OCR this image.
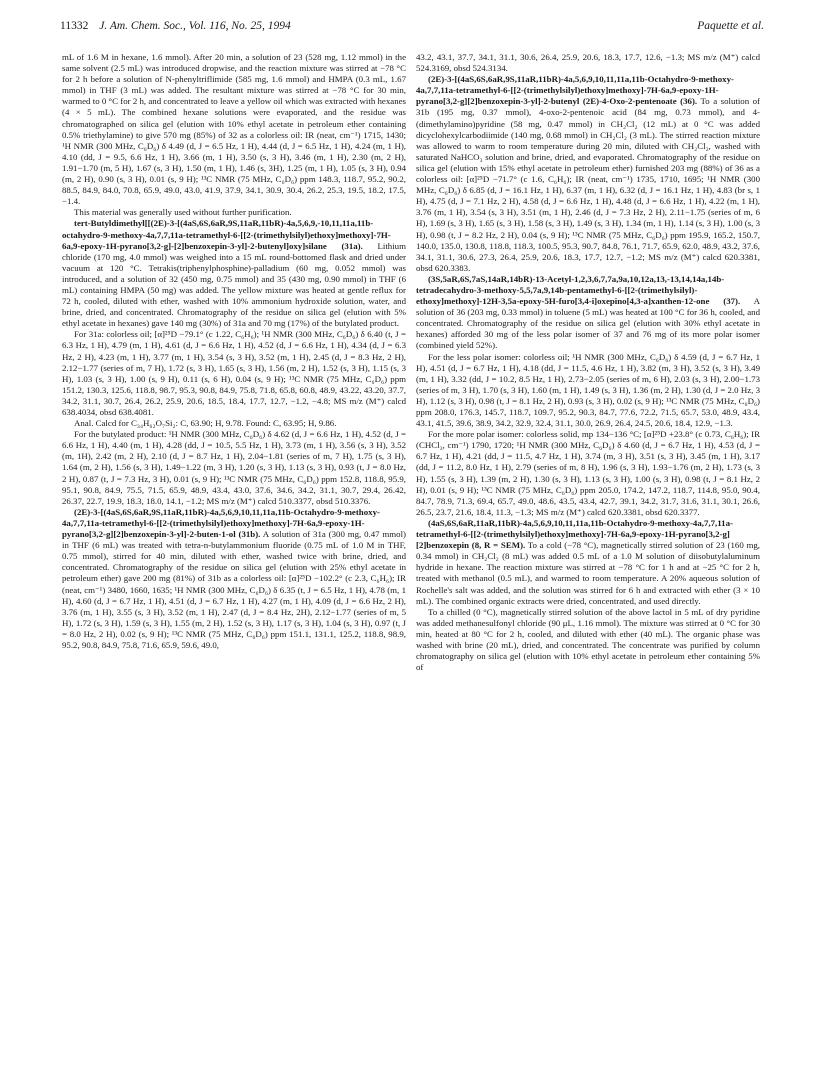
11332 J. Am. Chem. Soc., Vol. 116, No. 25, 1994	Paquette et al.

mL of 1.6 M in hexane, 1.6 mmol). After 20 min, a solution of 23 (528 mg, 1.12 mmol) in the same solvent (2.5 mL) was introduced dropwise, and the reaction mixture was stirred at −78 °C for 2 h before a solution of N-phenyltriflimide (585 mg, 1.6 mmol) and HMPA (0.3 mL, 1.67 mmol) in THF (3 mL) was added. The resultant mixture was stirred at −78 °C for 30 min, warmed to 0 °C for 2 h, and concentrated to leave a yellow oil which was extracted with hexanes (4 × 5 mL). The combined hexane solutions were evaporated, and the residue was chromatographed on silica gel (elution with 10% ethyl acetate in petroleum ether containing 0.5% triethylamine) to give 570 mg (85%) of 32 as a colorless oil: IR (neat, cm⁻¹) 1715, 1430; ¹H NMR (300 MHz, C₆D₆) δ 4.49 (d, J = 6.5 Hz, 1 H), 4.44 (d, J = 6.5 Hz, 1 H), 4.24 (m, 1 H), 4.10 (dd, J = 9.5, 6.6 Hz, 1 H), 3.66 (m, 1 H), 3.50 (s, 3 H), 3.46 (m, 1 H), 2.30 (m, 2 H), 1.91−1.70 (m, 5 H), 1.67 (s, 3 H), 1.50 (m, 1 H), 1.46 (s, 3H), 1.25 (m, 1 H), 1.05 (s, 3 H), 0.94 (m, 2 H), 0.90 (s, 3 H), 0.01 (s, 9 H); ¹³C NMR (75 MHz, C₆D₆) ppm 148.3, 118.7, 95.2, 90.2, 88.5, 84.9, 84.0, 70.8, 65.9, 49.0, 43.0, 41.9, 37.9, 34.1, 30.9, 30.4, 26.2, 25.3, 19.5, 18.2, 17.5, −1.4.

This material was generally used without further purification.

tert-Butyldimethyl[[(2E)-3-[(4aS,6S,6aR,9S,11aR,11bR)-4a,5,6,9,-10,11,11a,11b-octahydro-9-methoxy-4a,7,7,11a-tetramethyl-6-[[2-(trimethylsilyl)ethoxy]methoxy]-7H-6a,9-epoxy-1H-pyrano[3,2-g]-[2]benzoxepin-3-yl]-2-butenyl]oxy]silane (31a). Lithium chloride (170 mg, 4.0 mmol) was weighed into a 15 mL round-bottomed flask and dried under vacuum at 120 °C. Tetrakis(triphenylphosphine)-palladium (60 mg, 0.052 mmol) was introduced, and a solution of 32 (450 mg, 0.75 mmol) and 35 (430 mg, 0.90 mmol) in THF (6 mL) containing HMPA (50 mg) was added. The yellow mixture was heated at gentle reflux for 72 h, cooled, diluted with ether, washed with 10% ammonium hydroxide solution, water, and brine, dried, and concentrated. Chromatography of the residue on silica gel (elution with 5% ethyl acetate in hexanes) gave 140 mg (30%) of 31a and 70 mg (17%) of the butylated product.

For 31a: colorless oil; [α]²⁵D −79.1° (c 1.22, C₆H₆); ¹H NMR (300 MHz, C₆D₆) δ 6.40 (t, J = 6.3 Hz, 1 H), 4.79 (m, 1 H), 4.61 (d, J = 6.6 Hz, 1 H), 4.52 (d, J = 6.6 Hz, 1 H), 4.34 (d, J = 6.3 Hz, 2 H), 4.23 (m, 1 H), 3.77 (m, 1 H), 3.54 (s, 3 H), 3.52 (m, 1 H), 2.45 (d, J = 8.3 Hz, 2 H), 2.12−1.77 (series of m, 7 H), 1.72 (s, 3 H), 1.65 (s, 3 H), 1.56 (m, 2 H), 1.52 (s, 3 H), 1.15 (s, 3 H), 1.03 (s, 3 H), 1.00 (s, 9 H), 0.11 (s, 6 H), 0.04 (s, 9 H); ¹³C NMR (75 MHz, C₆D₆) ppm 151.2, 130.3, 125.6, 118.8, 98.7, 95.3, 90.8, 84.9, 75.8, 71.8, 65.8, 60.8, 48.9, 43.22, 43.20, 37.7, 34.2, 31.1, 30.7, 26.4, 26.2, 25.9, 20.6, 18.5, 18.4, 17.7, 12.7, −1.2, −4.8; MS m/z (M⁺) calcd 638.4034, obsd 638.4081.

Anal. Calcd for C₃₄H₆₂O₇Si₂: C, 63.90; H, 9.78. Found: C, 63.95; H, 9.86.

For the butylated product: ¹H NMR (300 MHz, C₆D₆) δ 4.62 (d, J = 6.6 Hz, 1 H), 4.52 (d, J = 6.6 Hz, 1 H), 4.40 (m, 1 H), 4.28 (dd, J = 10.5, 5.5 Hz, 1 H), 3.73 (m, 1 H), 3.56 (s, 3 H), 3.52 (m, 1H), 2.42 (m, 2 H), 2.10 (d, J = 8.7 Hz, 1 H), 2.04−1.81 (series of m, 7 H), 1.75 (s, 3 H), 1.64 (m, 2 H), 1.56 (s, 3 H), 1.49−1.22 (m, 3 H), 1.20 (s, 3 H), 1.13 (s, 3 H), 0.93 (t, J = 8.0 Hz, 2 H), 0.87 (t, J = 7.3 Hz, 3 H), 0.01 (s, 9 H); ¹³C NMR (75 MHz, C₆D₆) ppm 152.8, 118.8, 95.9, 95.1, 90.8, 84.9, 75.5, 71.5, 65.9, 48.9, 43.4, 43.0, 37.6, 34.6, 34.2, 31.1, 30.7, 29.4, 26.42, 26.37, 22.7, 19.9, 18.3, 18.0, 14.1, −1.2; MS m/z (M⁺) calcd 510.3377, obsd 510.3376.

(2E)-3-[(4aS,6S,6aR,9S,11aR,11bR)-4a,5,6,9,10,11,11a,11b-Octahydro-9-methoxy-4a,7,7,11a-tetramethyl-6-[[2-(trimethylsilyl)ethoxy]methoxy]-7H-6a,9-epoxy-1H-pyrano[3,2-g][2]benzoxepin-3-yl]-2-buten-1-ol (31b). A solution of 31a (300 mg, 0.47 mmol) in THF (6 mL) was treated with tetra-n-butylammonium fluoride (0.75 mL of 1.0 M in THF, 0.75 mmol), stirred for 40 min, diluted with ether, washed twice with brine, dried, and concentrated. Chromatography of the residue on silica gel (elution with 25% ethyl acetate in petroleum ether) gave 200 mg (81%) of 31b as a colorless oil: [α]²⁵D −102.2° (c 2.3, C₆H₆); IR (neat, cm⁻¹) 3480, 1660, 1635; ¹H NMR (300 MHz, C₆D₆) δ 6.35 (t, J = 6.5 Hz, 1 H), 4.78 (m, 1 H), 4.60 (d, J = 6.7 Hz, 1 H), 4.51 (d, J = 6.7 Hz, 1 H), 4.27 (m, 1 H), 4.09 (d, J = 6.6 Hz, 2 H), 3.76 (m, 1 H), 3.55 (s, 3 H), 3.52 (m, 1 H), 2.47 (d, J = 8.4 Hz, 2H), 2.12−1.77 (series of m, 5 H), 1.72 (s, 3 H), 1.59 (s, 3 H), 1.55 (m, 2 H), 1.52 (s, 3 H), 1.17 (s, 3 H), 1.04 (s, 3 H), 0.97 (t, J = 8.0 Hz, 2 H), 0.02 (s, 9 H); ¹³C NMR (75 MHz, C₆D₆) ppm 151.1, 131.1, 125.2, 118.8, 98.9, 95.2, 90.8, 84.9, 75.8, 71.6, 65.9, 59.6, 49.0,

43.2, 43.1, 37.7, 34.1, 31.1, 30.6, 26.4, 25.9, 20.6, 18.3, 17.7, 12.6, −1.3; MS m/z (M⁺) calcd 524.3169, obsd 524.3134.

(2E)-3-[(4aS,6S,6aR,9S,11aR,11bR)-4a,5,6,9,10,11,11a,11b-Octahydro-9-methoxy-4a,7,7,11a-tetramethyl-6-[[2-(trimethylsilyl)ethoxy]methoxy]-7H-6a,9-epoxy-1H-pyrano[3,2-g][2]benzoxepin-3-yl]-2-butenyl (2E)-4-Oxo-2-pentenoate (36). To a solution of 31b (195 mg, 0.37 mmol), 4-oxo-2-pentenoic acid (84 mg, 0.73 mmol), and 4-(dimethylamino)pyridine (58 mg, 0.47 mmol) in CH₂Cl₂ (12 mL) at 0 °C was added dicyclohexylcarbodiimide (140 mg, 0.68 mmol) in CH₂Cl₂ (3 mL). The stirred reaction mixture was allowed to warm to room temperature during 20 min, diluted with CH₂Cl₂, washed with saturated NaHCO₃ solution and brine, dried, and evaporated. Chromatography of the residue on silica gel (elution with 15% ethyl acetate in petroleum ether) furnished 203 mg (88%) of 36 as a colorless oil: [α]²⁵D −71.7° (c 1.6, C₆H₆); IR (neat, cm⁻¹) 1735, 1710, 1695; ¹H NMR (300 MHz, C₆D₆) δ 6.85 (d, J = 16.1 Hz, 1 H), 6.37 (m, 1 H), 6.32 (d, J = 16.1 Hz, 1 H), 4.83 (br s, 1 H), 4.75 (d, J = 7.1 Hz, 2 H), 4.58 (d, J = 6.6 Hz, 1 H), 4.48 (d, J = 6.6 Hz, 1 H), 4.22 (m, 1 H), 3.76 (m, 1 H), 3.54 (s, 3 H), 3.51 (m, 1 H), 2.46 (d, J = 7.3 Hz, 2 H), 2.11−1.75 (series of m, 6 H), 1.69 (s, 3 H), 1.65 (s, 3 H), 1.58 (s, 3 H), 1.49 (s, 3 H), 1.34 (m, 1 H), 1.14 (s, 3 H), 1.00 (s, 3 H), 0.98 (t, J = 8.2 Hz, 2 H), 0.04 (s, 9 H); ¹³C NMR (75 MHz, C₆D₆) ppm 195.9, 165.2, 150.7, 140.0, 135.0, 130.8, 118.8, 118.3, 100.5, 95.3, 90.7, 84.8, 76.1, 71.7, 65.9, 62.0, 48.9, 43.2, 37.6, 34.1, 31.1, 30.6, 27.3, 26.4, 25.9, 20.6, 18.3, 17.7, 12.7, −1.2; MS m/z (M⁺) calcd 620.3381, obsd 620.3383.

(3S,5aR,6S,7aS,14aR,14bR)-13-Acetyl-1,2,3,6,7,7a,9a,10,12a,13,-13,14,14a,14b-tetradecahydro-3-methoxy-5,5,7a,9,14b-pentamethyl-6-[[2-(trimethylsilyl)-ethoxy]methoxy]-12H-3,5a-epoxy-5H-furo[3,4-i]oxepino[4,3-a]xanthen-12-one (37). A solution of 36 (203 mg, 0.33 mmol) in toluene (5 mL) was heated at 100 °C for 36 h, cooled, and concentrated. Chromatography of the residue on silica gel (elution with 30% ethyl acetate in hexanes) afforded 30 mg of the less polar isomer of 37 and 76 mg of its more polar isomer (combined yield 52%).

For the less polar isomer: colorless oil; ¹H NMR (300 MHz, C₆D₆) δ 4.59 (d, J = 6.7 Hz, 1 H), 4.51 (d, J = 6.7 Hz, 1 H), 4.18 (dd, J = 11.5, 4.6 Hz, 1 H), 3.82 (m, 3 H), 3.52 (s, 3 H), 3.49 (m, 1 H), 3.32 (dd, J = 10.2, 8.5 Hz, 1 H), 2.73−2.05 (series of m, 6 H), 2.03 (s, 3 H), 2.00−1.73 (series of m, 3 H), 1.70 (s, 3 H), 1.60 (m, 1 H), 1.49 (s, 3 H), 1.36 (m, 2 H), 1.30 (d, J = 2.0 Hz, 3 H), 1.12 (s, 3 H), 0.98 (t, J = 8.1 Hz, 2 H), 0.93 (s, 3 H), 0.02 (s, 9 H); ¹³C NMR (75 MHz, C₆D₆) ppm 208.0, 176.3, 145.7, 118.7, 109.7, 95.2, 90.3, 84.7, 77.6, 72.2, 71.5, 65.7, 53.0, 48.9, 43.4, 43.1, 41.5, 39.6, 38.9, 34.2, 32.9, 32.4, 31.1, 30.0, 26.9, 26.4, 24.5, 20.6, 18.4, 12.9, −1.3.

For the more polar isomer: colorless solid, mp 134−136 °C; [α]²⁵D +23.8° (c 0.73, C₆H₆); IR (CHCl₃, cm⁻¹) 1790, 1720; ¹H NMR (300 MHz, C₆D₆) δ 4.60 (d, J = 6.7 Hz, 1 H), 4.53 (d, J = 6.7 Hz, 1 H), 4.21 (dd, J = 11.5, 4.7 Hz, 1 H), 3.74 (m, 3 H), 3.51 (s, 3 H), 3.45 (m, 1 H), 3.17 (dd, J = 11.2, 8.0 Hz, 1 H), 2.79 (series of m, 8 H), 1.96 (s, 3 H), 1.93−1.76 (m, 2 H), 1.73 (s, 3 H), 1.55 (s, 3 H), 1.39 (m, 2 H), 1.30 (s, 3 H), 1.13 (s, 3 H), 1.00 (s, 3 H), 0.98 (t, J = 8.1 Hz, 2 H), 0.01 (s, 9 H); ¹³C NMR (75 MHz, C₆D₆) ppm 205.0, 174.2, 147.2, 118.7, 114.8, 95.0, 90.4, 84.7, 78.9, 71.3, 69.4, 65.7, 49.0, 48.6, 43.5, 43.4, 42.7, 39.1, 34.2, 31.7, 31.6, 31.1, 30.1, 26.6, 26.5, 23.7, 21.6, 18.4, 11.3, −1.3; MS m/z (M⁺) calcd 620.3381, obsd 620.3377.

(4aS,6S,6aR,11aR,11bR)-4a,5,6,9,10,11,11a,11b-Octahydro-9-methoxy-4a,7,7,11a-tetramethyl-6-[[2-(trimethylsilyl)ethoxy]methoxy]-7H-6a,9-epoxy-1H-pyrano[3,2-g][2]benzoxepin (8, R = SEM). To a cold (−78 °C), magnetically stirred solution of 23 (160 mg, 0.34 mmol) in CH₂Cl₂ (8 mL) was added 0.5 mL of a 1.0 M solution of diisobutylaluminum hydride in hexane. The reaction mixture was stirred at −78 °C for 1 h and at −25 °C for 2 h, treated with methanol (0.5 mL), and warmed to room temperature. A 20% aqueous solution of Rochelle's salt was added, and the solution was stirred for 6 h and extracted with ether (3 × 10 mL). The combined organic extracts were dried, concentrated, and used directly.

To a chilled (0 °C), magnetically stirred solution of the above lactol in 5 mL of dry pyridine was added methanesulfonyl chloride (90 μL, 1.16 mmol). The mixture was stirred at 0 °C for 30 min, heated at 80 °C for 2 h, cooled, and diluted with ether (40 mL). The organic phase was washed with brine (20 mL), dried, and concentrated. The concentrate was purified by column chromatography on silica gel (elution with 10% ethyl acetate in petroleum ether containing 5% of
